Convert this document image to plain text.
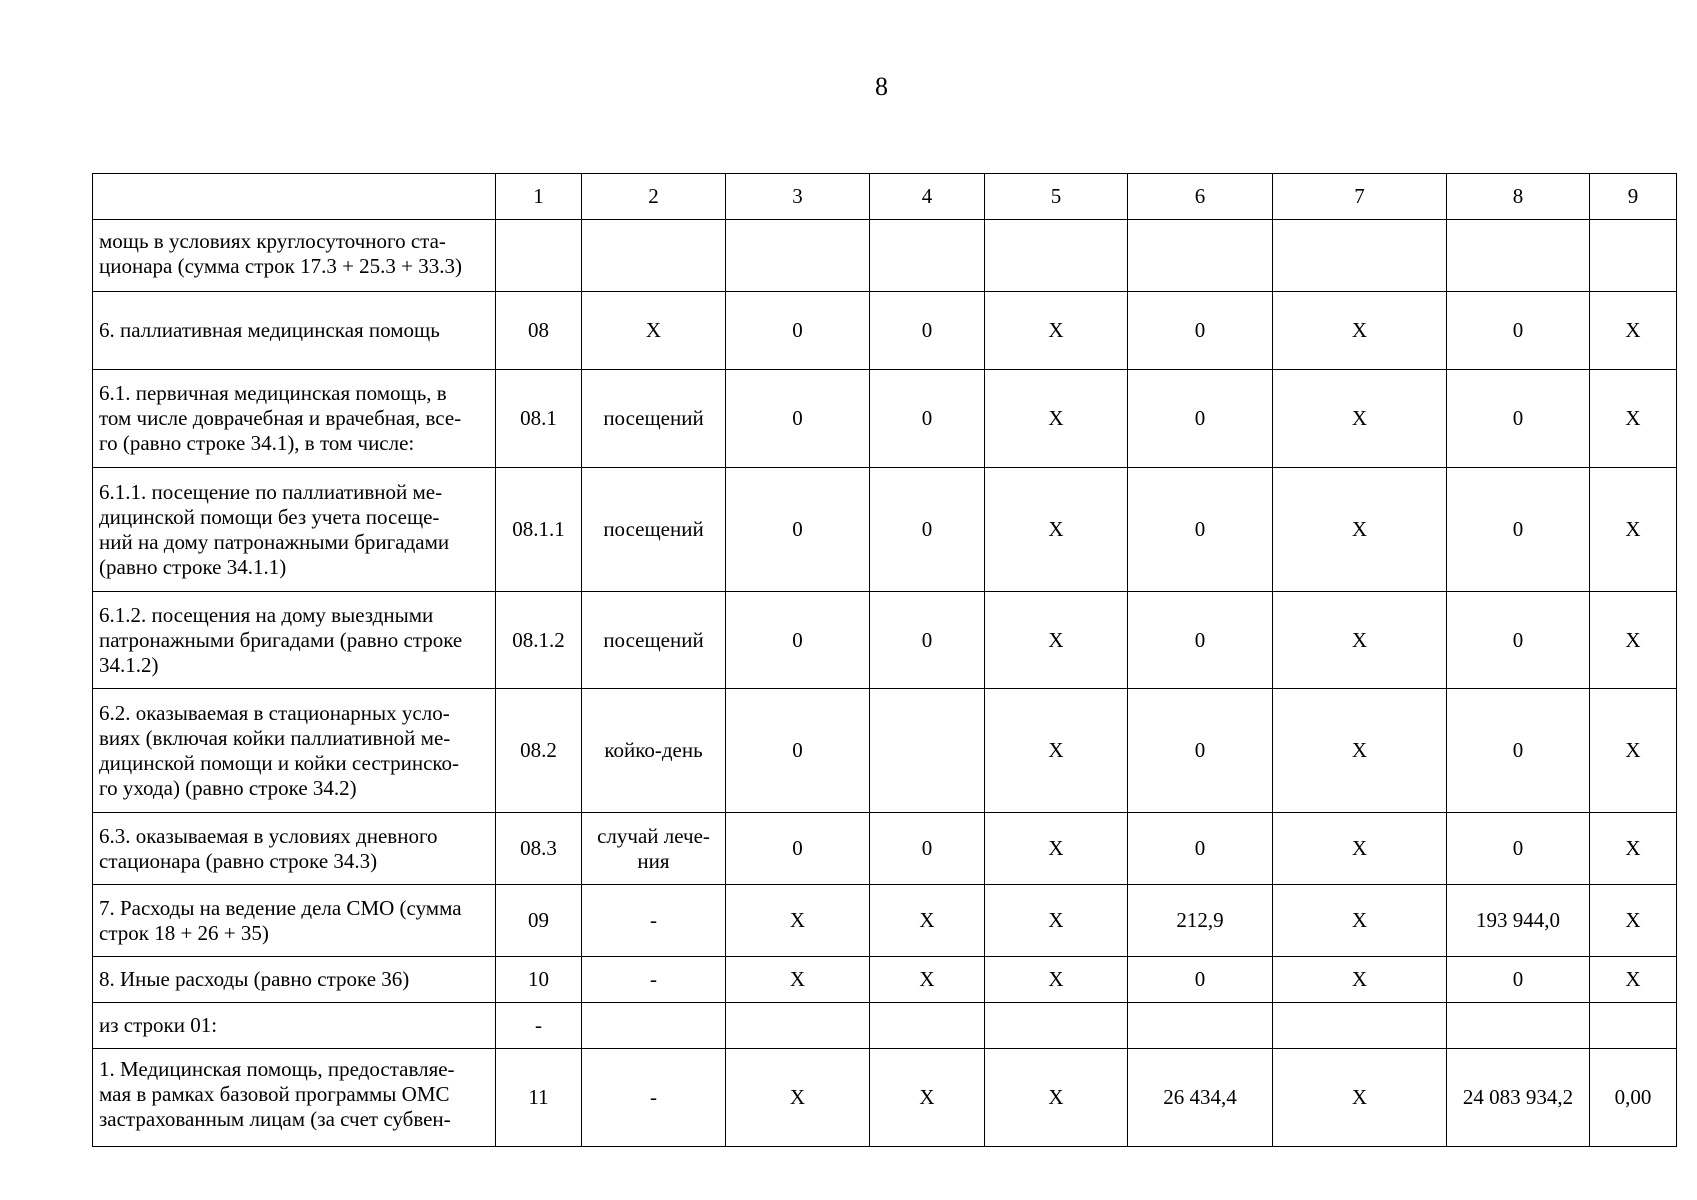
8
	1	2	3	4	5	6	7	8	9
мощь в условиях круглосуточного ста-
ционара (сумма строк 17.3 + 25.3 + 33.3)									
6. паллиативная медицинская помощь	08	Х	0	0	Х	0	Х	0	Х
6.1. первичная медицинская помощь, в
том числе доврачебная и врачебная, все-
го (равно строке 34.1), в том числе:	08.1	посещений	0	0	Х	0	Х	0	Х
6.1.1. посещение по паллиативной ме-
дицинской помощи без учета посеще-
ний на дому патронажными бригадами
(равно строке 34.1.1)	08.1.1	посещений	0	0	Х	0	Х	0	Х
6.1.2. посещения на дому выездными
патронажными бригадами (равно строке
34.1.2)	08.1.2	посещений	0	0	Х	0	Х	0	Х
6.2. оказываемая в стационарных усло-
виях (включая койки паллиативной ме-
дицинской помощи и койки сестринско-
го ухода) (равно строке 34.2)	08.2	койко-день	0		Х	0	Х	0	Х
6.3. оказываемая в условиях дневного
стационара (равно строке 34.3)	08.3	случай лече-
ния	0	0	Х	0	Х	0	Х
7. Расходы на ведение дела СМО (сумма
строк 18 + 26 + 35)	09	-	Х	Х	Х	212,9	Х	193 944,0	Х
8. Иные расходы (равно строке 36)	10	-	Х	Х	Х	0	Х	0	Х
из строки 01:	-								
1. Медицинская помощь, предоставляе-
мая в рамках базовой программы ОМС
застрахованным лицам (за счет субвен-	11	-	Х	Х	Х	26 434,4	Х	24 083 934,2	0,00
